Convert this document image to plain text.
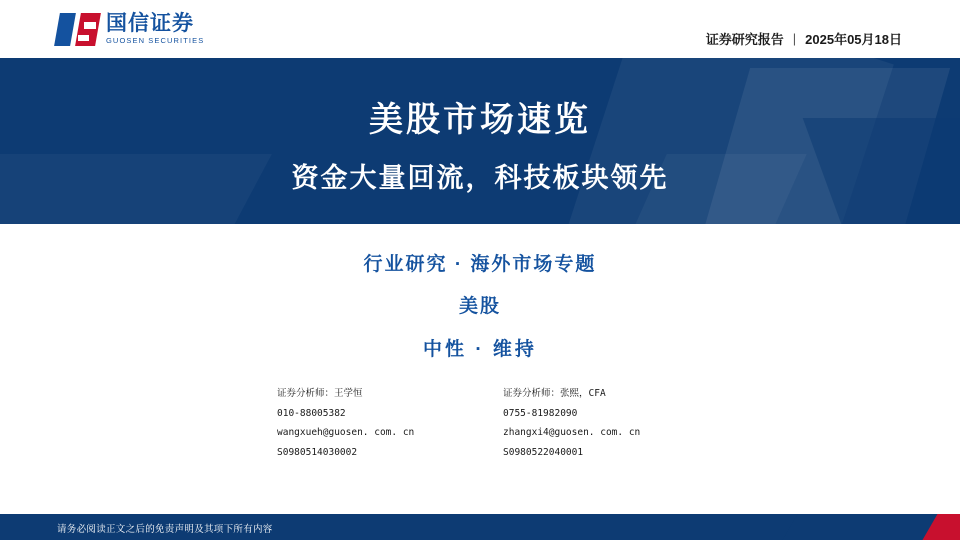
国信证券
GUOSEN SECURITIES	证券研究报告 | 2025年05月18日
美股市场速览
资金大量回流，科技板块领先
行业研究 · 海外市场专题
美股
中性 · 维持
证券分析师：王学恒
010-88005382
wangxueh@guosen. com. cn
S0980514030002
证券分析师：张熙，CFA
0755-81982090
zhangxi4@guosen. com. cn
S0980522040001
请务必阅读正文之后的免责声明及其项下所有内容
